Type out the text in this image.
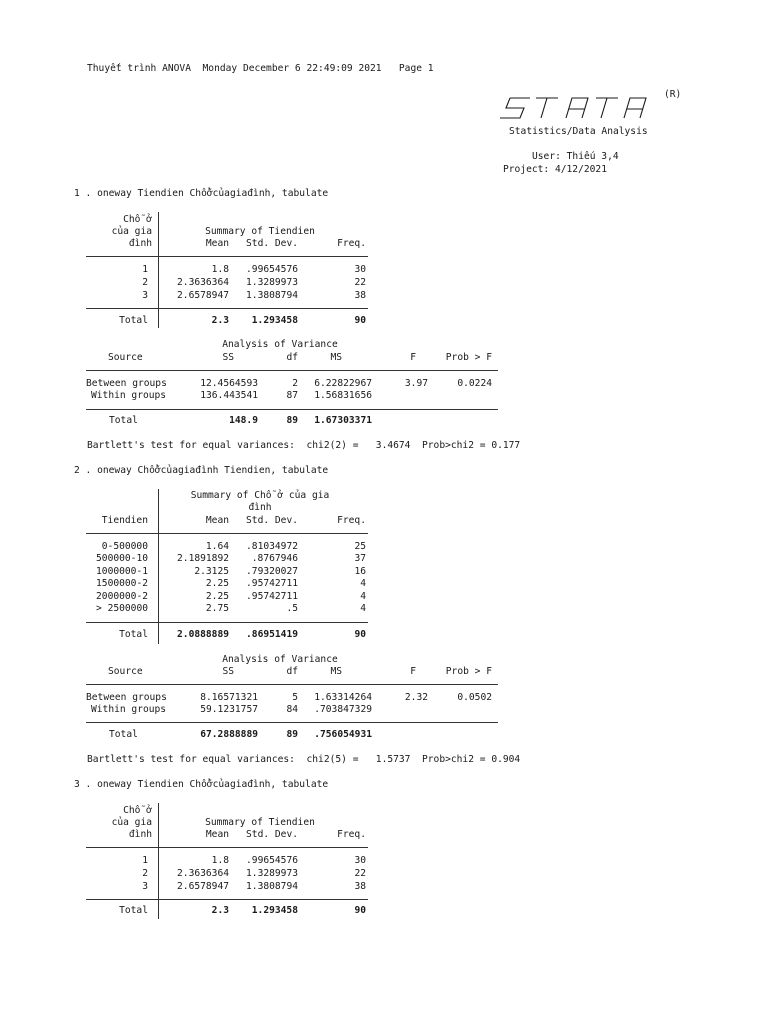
Thuyết trình ANOVA  Monday December 6 22:49:09 2021   Page 1
(R)
Statistics/Data Analysis
User: Thiếu 3,4
Project: 4/12/2021
1 . oneway Tiendien Chỗởcủagiađình, tabulate
Chỗ ở
của gia
đình
Summary of Tiendien
Mean	Std. Dev.	Freq.
1	1.8	.99654576	30
2	2.3636364	1.3289973	22
3	2.6578947	1.3808794	38
Total	2.3	1.293458	90
Analysis of Variance
Source	SS	df	MS	F	Prob > F
Between groups	12.4564593	2	6.22822967	3.97	0.0224
Within groups	136.443541	87	1.56831656
Total	148.9	89	1.67303371
Bartlett's test for equal variances:  chi2(2) =   3.4674  Prob>chi2 = 0.177
2 . oneway Chỗởcủagiađình Tiendien, tabulate
Summary of Chỗ ở của gia
đình
Tiendien	Mean	Std. Dev.	Freq.
0-500000	1.64	.81034972	25
500000-10	2.1891892	.8767946	37
1000000-1	2.3125	.79320027	16
1500000-2	2.25	.95742711	4
2000000-2	2.25	.95742711	4
> 2500000	2.75	.5	4
Total	2.0888889	.86951419	90
Analysis of Variance
Source	SS	df	MS	F	Prob > F
Between groups	8.16571321	5	1.63314264	2.32	0.0502
Within groups	59.1231757	84	.703847329
Total	67.2888889	89	.756054931
Bartlett's test for equal variances:  chi2(5) =   1.5737  Prob>chi2 = 0.904
3 . oneway Tiendien Chỗởcủagiađình, tabulate
Chỗ ở
của gia
đình
Summary of Tiendien
Mean	Std. Dev.	Freq.
1	1.8	.99654576	30
2	2.3636364	1.3289973	22
3	2.6578947	1.3808794	38
Total	2.3	1.293458	90
